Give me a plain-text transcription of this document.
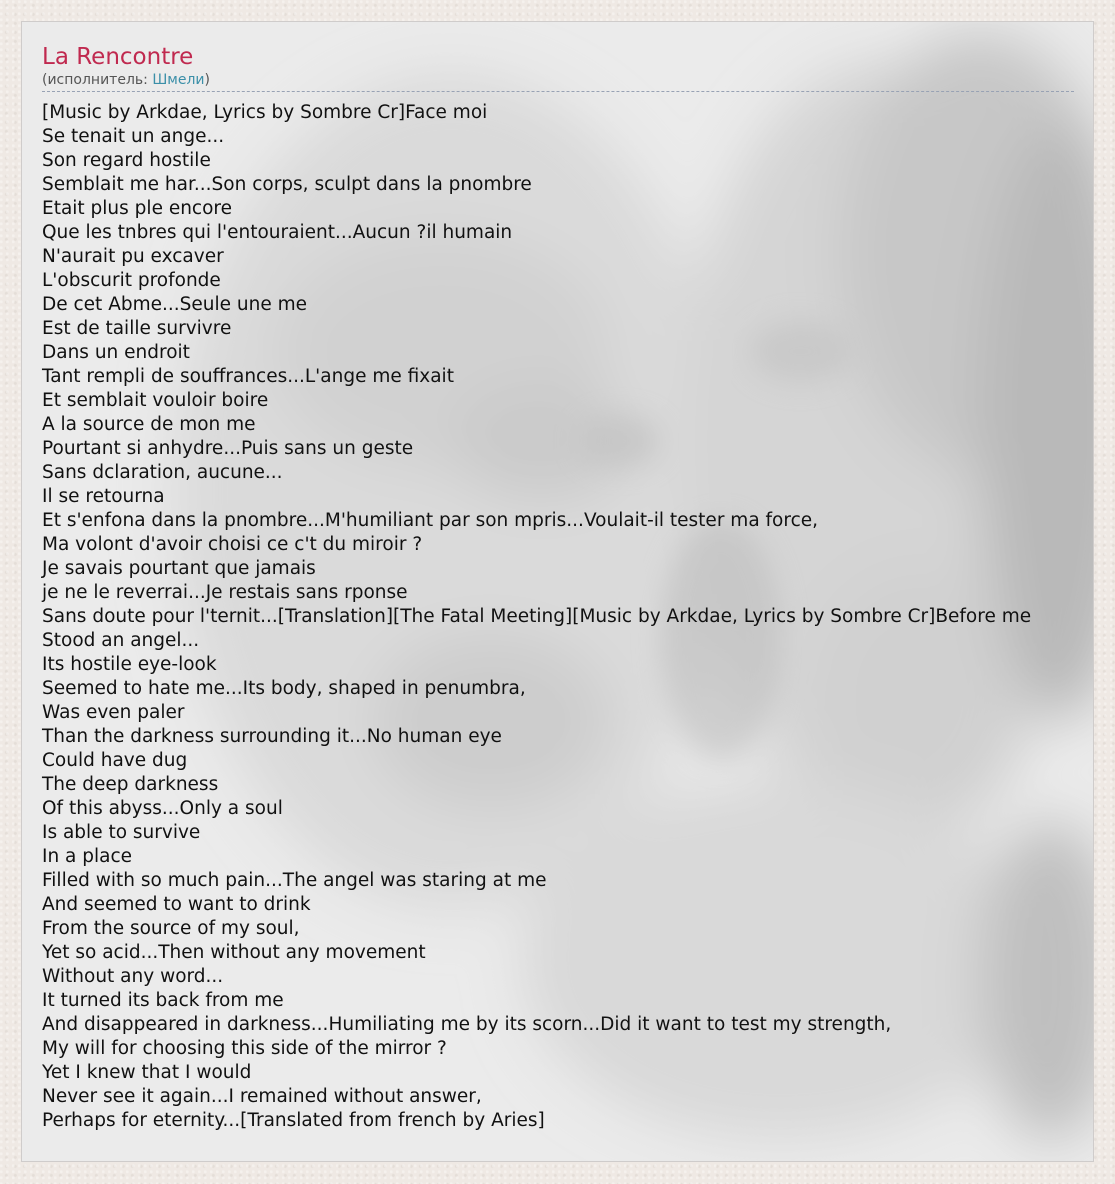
La Rencontre
(исполнитель: Шмели)
[Music by Arkdae, Lyrics by Sombre Cr]Face moi
Se tenait un ange...
Son regard hostile
Semblait me har...Son corps, sculpt dans la pnombre
Etait plus ple encore
Que les tnbres qui l'entouraient...Aucun ?il humain
N'aurait pu excaver
L'obscurit profonde
De cet Abme...Seule une me
Est de taille survivre
Dans un endroit
Tant rempli de souffrances...L'ange me fixait
Et semblait vouloir boire
A la source de mon me
Pourtant si anhydre...Puis sans un geste
Sans dclaration, aucune...
Il se retourna
Et s'enfona dans la pnombre...M'humiliant par son mpris...Voulait-il tester ma force,
Ma volont d'avoir choisi ce c't du miroir ?
Je savais pourtant que jamais
je ne le reverrai...Je restais sans rponse
Sans doute pour l'ternit...[Translation][The Fatal Meeting][Music by Arkdae, Lyrics by Sombre Cr]Before me
Stood an angel...
Its hostile eye-look
Seemed to hate me...Its body, shaped in penumbra,
Was even paler
Than the darkness surrounding it...No human eye
Could have dug
The deep darkness
Of this abyss...Only a soul
Is able to survive
In a place
Filled with so much pain...The angel was staring at me
And seemed to want to drink
From the source of my soul,
Yet so acid...Then without any movement
Without any word...
It turned its back from me
And disappeared in darkness...Humiliating me by its scorn...Did it want to test my strength,
My will for choosing this side of the mirror ?
Yet I knew that I would
Never see it again...I remained without answer,
Perhaps for eternity...[Translated from french by Aries]
